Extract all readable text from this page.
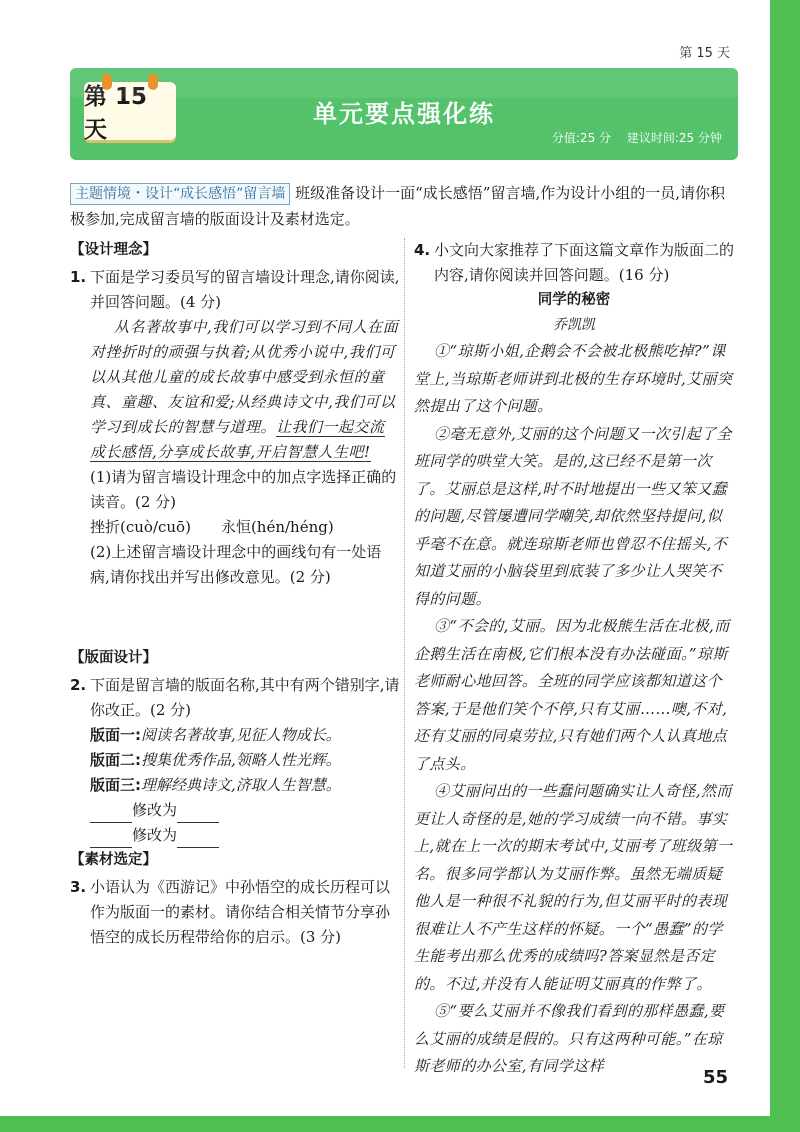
第 15 天
第 15 天
单元要点强化练
分值:25 分 建议时间:25 分钟
主题情境・设计“成长感悟”留言墙 班级准备设计一面“成长感悟”留言墙,作为设计小组的一员,请你积极参加,完成留言墙的版面设计及素材选定。
【设计理念】
1. 下面是学习委员写的留言墙设计理念,请你阅读,并回答问题。(4 分)
从名著故事中,我们可以学习到不同人在面对挫折时的顽强与执着;从优秀小说中,我们可以从其他儿童的成长故事中感受到永恒的童真、童趣、友谊和爱;从经典诗文中,我们可以学习到成长的智慧与道理。让我们一起交流成长感悟,分享成长故事,开启智慧人生吧!
(1)请为留言墙设计理念中的加点字选择正确的读音。(2 分)
挫折(cuò/cuō)　　永恒(hén/héng)
(2)上述留言墙设计理念中的画线句有一处语病,请你找出并写出修改意见。(2 分)
【版面设计】
2. 下面是留言墙的版面名称,其中有两个错别字,请你改正。(2 分)
版面一:阅读名著故事,见征人物成长。
版面二:搜集优秀作品,领略人性光辉。
版面三:理解经典诗文,济取人生智慧。
修改为
修改为
【素材选定】
3. 小语认为《西游记》中孙悟空的成长历程可以作为版面一的素材。请你结合相关情节分享孙悟空的成长历程带给你的启示。(3 分)
4. 小文向大家推荐了下面这篇文章作为版面二的内容,请你阅读并回答问题。(16 分)
同学的秘密
乔凯凯
①“琼斯小姐,企鹅会不会被北极熊吃掉?”课堂上,当琼斯老师讲到北极的生存环境时,艾丽突然提出了这个问题。
②毫无意外,艾丽的这个问题又一次引起了全班同学的哄堂大笑。是的,这已经不是第一次了。艾丽总是这样,时不时地提出一些又笨又蠢的问题,尽管屡遭同学嘲笑,却依然坚持提问,似乎毫不在意。就连琼斯老师也曾忍不住摇头,不知道艾丽的小脑袋里到底装了多少让人哭笑不得的问题。
③“不会的,艾丽。因为北极熊生活在北极,而企鹅生活在南极,它们根本没有办法碰面。”琼斯老师耐心地回答。全班的同学应该都知道这个答案,于是他们笑个不停,只有艾丽……噢,不对,还有艾丽的同桌劳拉,只有她们两个人认真地点了点头。
④艾丽问出的一些蠢问题确实让人奇怪,然而更让人奇怪的是,她的学习成绩一向不错。事实上,就在上一次的期末考试中,艾丽考了班级第一名。很多同学都认为艾丽作弊。虽然无端质疑他人是一种很不礼貌的行为,但艾丽平时的表现很难让人不产生这样的怀疑。一个“愚蠢”的学生能考出那么优秀的成绩吗?答案显然是否定的。不过,并没有人能证明艾丽真的作弊了。
⑤“要么艾丽并不像我们看到的那样愚蠢,要么艾丽的成绩是假的。只有这两种可能。”在琼斯老师的办公室,有同学这样
55
